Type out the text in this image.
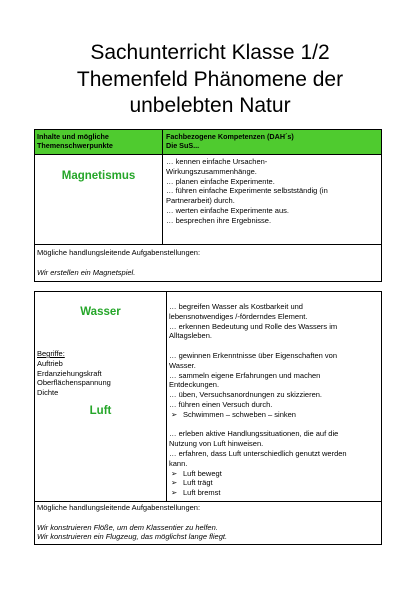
Sachunterricht Klasse 1/2
Themenfeld Phänomene der
unbelebten Natur
Inhalte und mögliche
Themenschwerpunkte
Fachbezogene Kompetenzen (DAH´s)
Die SuS...
Magnetismus
… kennen einfache Ursachen-
Wirkungszusammenhänge.
… planen einfache Experimente.
… führen einfache Experimente selbstständig (in
Partnerarbeit) durch.
… werten einfache Experimente aus.
… besprechen ihre Ergebnisse.
Mögliche handlungsleitende Aufgabenstellungen:
Wir erstellen ein Magnetspiel.
Wasser
Begriffe:
Auftrieb
Erdanziehungskraft
Oberflächenspannung
Dichte
Luft
… begreifen Wasser als Kostbarkeit und
lebensnotwendiges /-förderndes Element.
… erkennen Bedeutung und Rolle des Wassers im
Alltagsleben.
… gewinnen Erkenntnisse über Eigenschaften von
Wasser.
… sammeln eigene Erfahrungen und machen
Entdeckungen.
… üben, Versuchsanordnungen zu skizzieren.
… führen einen Versuch durch.
➢ Schwimmen – schweben – sinken
… erleben aktive Handlungssituationen, die auf die
Nutzung von Luft hinweisen.
… erfahren, dass Luft unterschiedlich genutzt werden
kann.
➢ Luft bewegt
➢ Luft trägt
➢ Luft bremst
Mögliche handlungsleitende Aufgabenstellungen:
Wir konstruieren Flöße, um dem Klassentier zu helfen.
Wir konstruieren ein Flugzeug, das möglichst lange fliegt.
